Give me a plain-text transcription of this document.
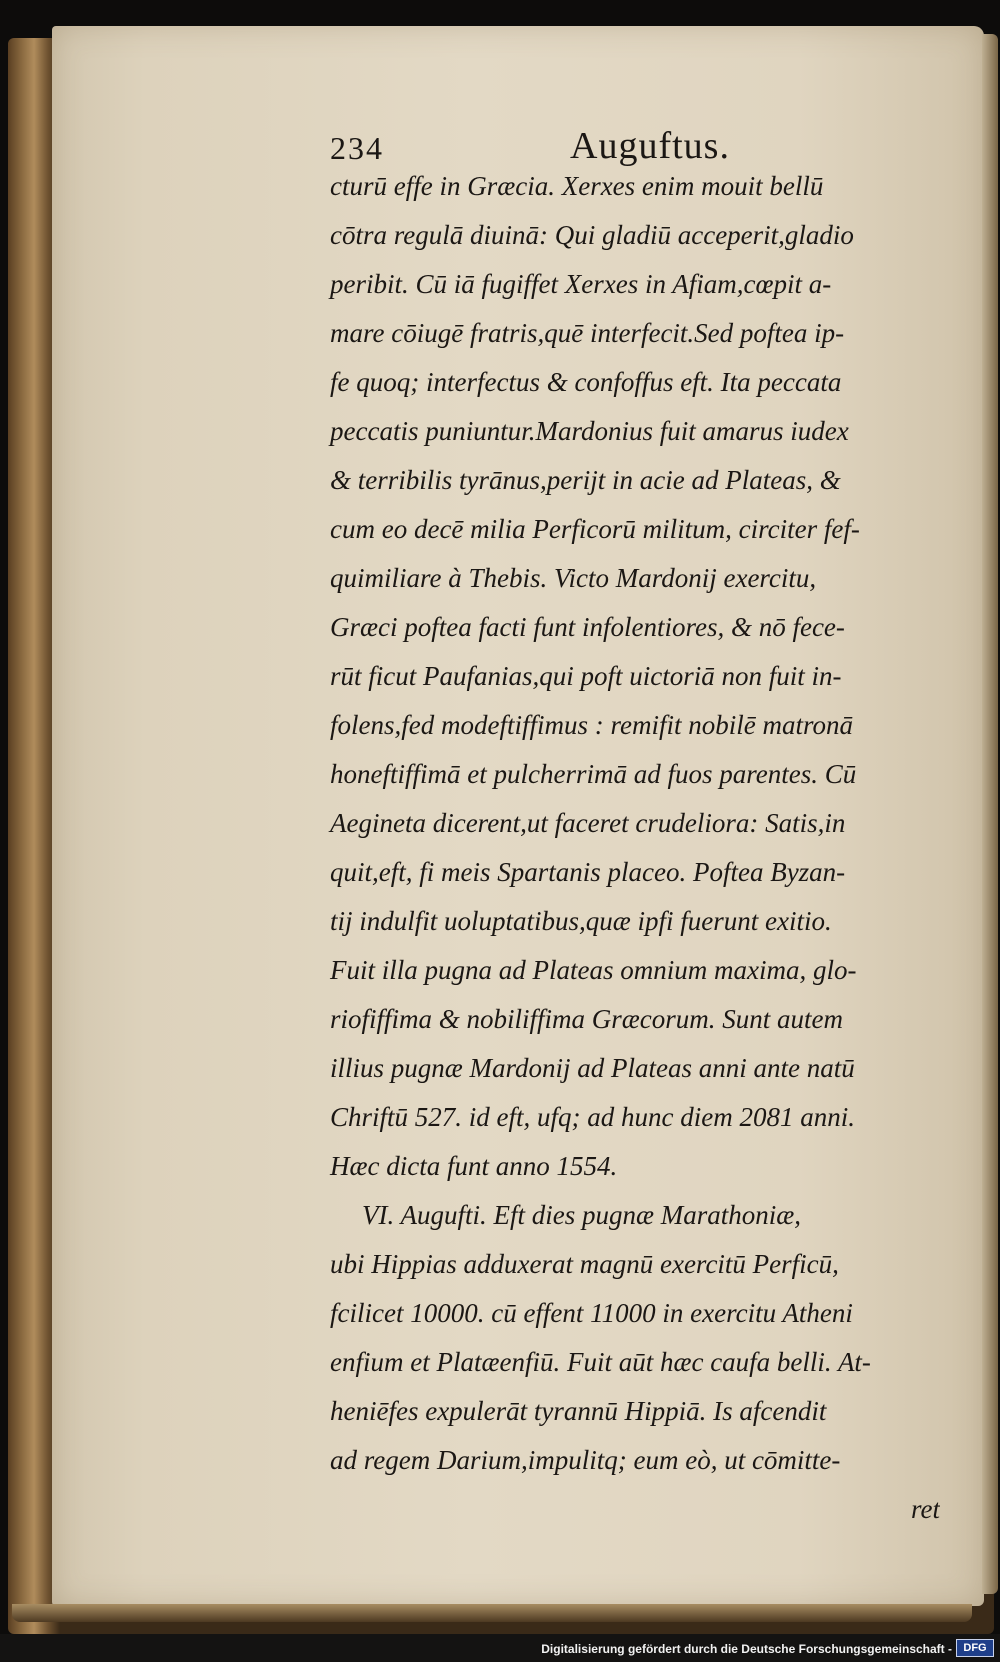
234	Auguftus.
cturū effe in Græcia. Xerxes enim mouit bellū
cōtra regulā diuinā: Qui gladiū acceperit,gladio
peribit. Cū iā fugiffet Xerxes in Afiam,cœpit a-
mare cōiugē fratris,quē interfecit.Sed poftea ip-
fe quoq; interfectus & confoffus eft. Ita peccata
peccatis puniuntur.Mardonius fuit amarus iudex
& terribilis tyrānus,perijt in acie ad Plateas, &
cum eo decē milia Perficorū militum, circiter fef-
quimiliare à Thebis. Victo Mardonij exercitu,
Græci poftea facti funt infolentiores, & nō fece-
rūt ficut Paufanias,qui poft uictoriā non fuit in-
folens,fed modeftiffimus : remifit nobilē matronā
honeftiffimā et pulcherrimā ad fuos parentes. Cū
Aegineta dicerent,ut faceret crudeliora: Satis,in
quit,eft, fi meis Spartanis placeo. Poftea Byzan-
tij indulfit uoluptatibus,quæ ipfi fuerunt exitio.
Fuit illa pugna ad Plateas omnium maxima, glo-
riofiffima & nobiliffima Græcorum. Sunt autem
illius pugnæ Mardonij ad Plateas anni ante natū
Chriftū 527. id eft, ufq; ad hunc diem 2081 anni.
Hæc dicta funt anno 1554.
VI. Augufti. Eft dies pugnæ Marathoniæ,
ubi Hippias adduxerat magnū exercitū Perficū,
fcilicet 10000. cū effent 11000 in exercitu Atheni
enfium et Platæenfiū. Fuit aūt hæc caufa belli. At-
heniēfes expulerāt tyrannū Hippiā. Is afcendit
ad regem Darium,impulitq; eum eò, ut cōmitte-
ret
Digitalisierung gefördert durch die Deutsche Forschungsgemeinschaft -	DFG
